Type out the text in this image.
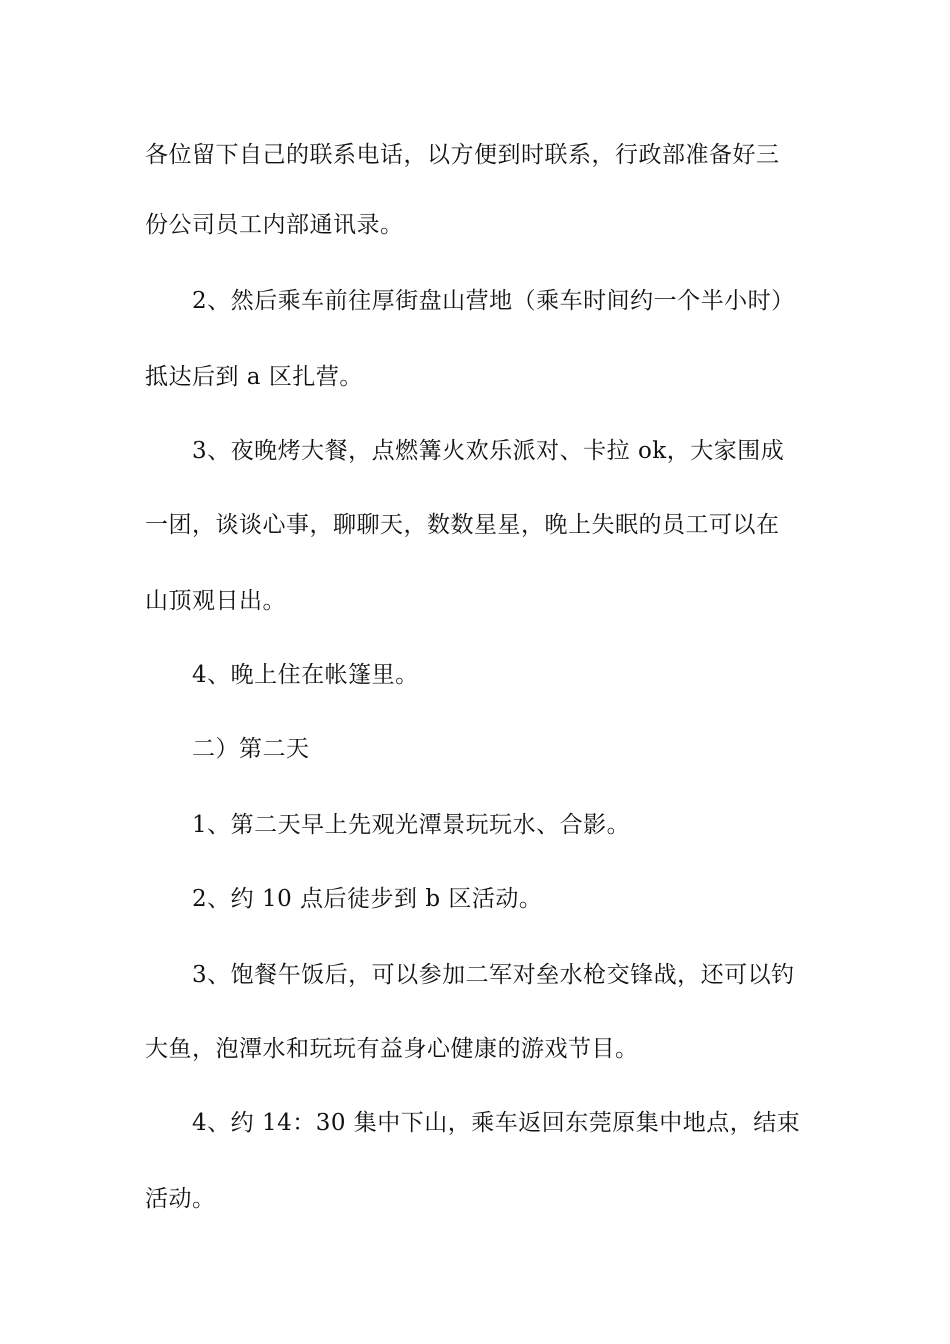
各位留下自己的联系电话，以方便到时联系，行政部准备好三
份公司员工内部通讯录。
2、然后乘车前往厚街盘山营地（乘车时间约一个半小时）
抵达后到 a 区扎营。
3、夜晚烤大餐，点燃篝火欢乐派对、卡拉 ok，大家围成
一团，谈谈心事，聊聊天，数数星星，晚上失眠的员工可以在
山顶观日出。
4、晚上住在帐篷里。
二）第二天
1、第二天早上先观光潭景玩玩水、合影。
2、约 10 点后徒步到 b 区活动。
3、饱餐午饭后，可以参加二军对垒水枪交锋战，还可以钓
大鱼，泡潭水和玩玩有益身心健康的游戏节目。
4、约 14：30 集中下山，乘车返回东莞原集中地点，结束
活动。
